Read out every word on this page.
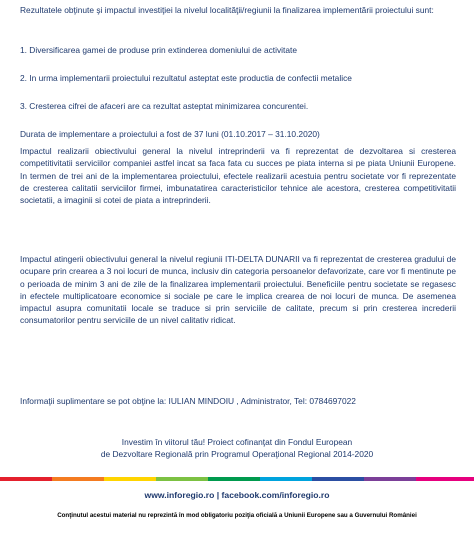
Rezultatele obţinute şi impactul investiţiei la nivelul localităţii/regiunii la finalizarea implementării proiectului sunt:

1. Diversificarea gamei de produse prin extinderea domeniului de activitate

2. In urma implementarii proiectului rezultatul asteptat este productia de confectii metalice

3. Cresterea cifrei de afaceri are ca rezultat asteptat minimizarea concurentei.

Durata de implementare a proiectului a fost de 37 luni (01.10.2017 – 31.10.2020)

Impactul realizarii obiectivului general la nivelul intreprinderii va fi reprezentat de dezvoltarea si cresterea competitivitatii serviciilor companiei astfel incat sa faca fata cu succes pe piata interna si pe piata Uniunii Europene. In termen de trei ani de la implementarea proiectului, efectele realizarii acestuia pentru societate vor fi reprezentate de cresterea calitatii serviciilor firmei, imbunatatirea caracteristicilor tehnice ale acestora, cresterea competitivitatii societatii, a imaginii si cotei de piata a intreprinderii.

Impactul atingerii obiectivului general la nivelul regiunii ITI-DELTA DUNARII va fi reprezentat de cresterea gradului de ocupare prin crearea a 3 noi locuri de munca, inclusiv din categoria persoanelor defavorizate, care vor fi mentinute pe o perioada de minim 3 ani de zile de la finalizarea implementarii proiectului. Beneficiile pentru societate se regasesc in efectele multiplicatoare economice si sociale pe care le implica crearea de noi locuri de munca. De asemenea impactul asupra comunitatii locale se traduce si prin serviciile de calitate, precum si prin cresterea increderii consumatorilor pentru serviciile de un nivel calitativ ridicat.

Informaţii suplimentare se pot obţine la: IULIAN MINDOIU , Administrator, Tel: 0784697022

Investim în viitorul tău! Proiect cofinanţat din Fondul European

de Dezvoltare Regională prin Programul Operaţional Regional 2014-2020

www.inforegio.ro | facebook.com/inforegio.ro
Conţinutul acestui material nu reprezintă în mod obligatoriu poziţia oficială a Uniunii Europene sau a Guvernului României
